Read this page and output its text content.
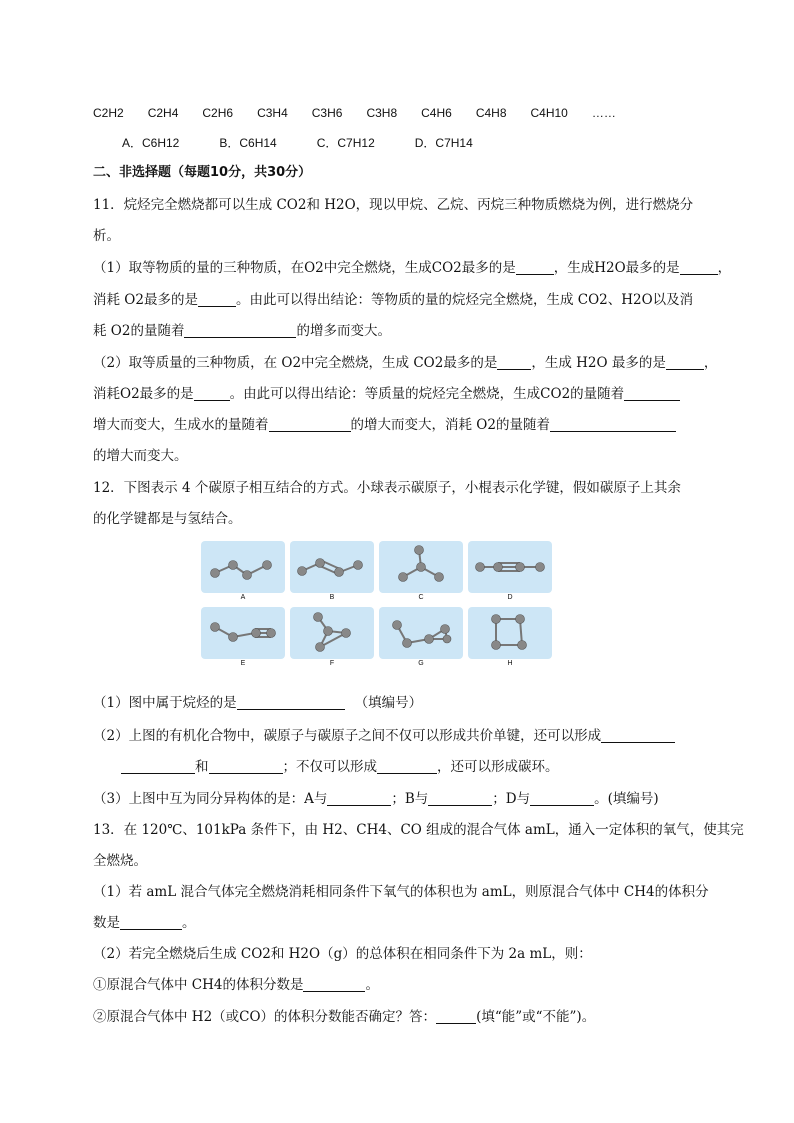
C2H2 C2H4 C2H6 C3H4 C3H6 C3H8 C4H6 C4H8 C4H10 ……
A．C6H12	B．C6H14	C．C7H12	D．C7H14
二、非选择题（每题10分，共30分）
11．烷烃完全燃烧都可以生成 CO2和 H2O，现以甲烷、乙烷、丙烷三种物质燃烧为例，进行燃烧分
析。
（1）取等物质的量的三种物质，在O2中完全燃烧，生成CO2最多的是	，生成H2O最多的是	，
消耗 O2最多的是	。由此可以得出结论：等物质的量的烷烃完全燃烧，生成 CO2、H2O以及消
耗 O2的量随着	的增多而变大。
（2）取等质量的三种物质，在 O2中完全燃烧，生成 CO2最多的是	，生成 H2O 最多的是	，
消耗O2最多的是	。由此可以得出结论：等质量的烷烃完全燃烧，生成CO2的量随着
增大而变大，生成水的量随着	的增大而变大，消耗 O2的量随着
的增大而变大。
12．下图表示 4 个碳原子相互结合的方式。小球表示碳原子，小棍表示化学键，假如碳原子上其余
的化学键都是与氢结合。
A	B	C	D
E	F	G	H
（1）图中属于烷烃的是	（填编号）
（2）上图的有机化合物中，碳原子与碳原子之间不仅可以形成共价单键，还可以形成
和	；不仅可以形成	，还可以形成碳环。
（3）上图中互为同分异构体的是：A与	；B与	；D与	。(填编号)
13．在 120℃、101kPa 条件下，由 H2、CH4、CO 组成的混合气体 amL，通入一定体积的氧气，使其完
全燃烧。
（1）若 amL 混合气体完全燃烧消耗相同条件下氧气的体积也为 amL，则原混合气体中 CH4的体积分
数是	。
（2）若完全燃烧后生成 CO2和 H2O（g）的总体积在相同条件下为 2a mL，则：
①原混合气体中 CH4的体积分数是	。
②原混合气体中 H2（或CO）的体积分数能否确定？答：	(填“能”或“不能”)。
